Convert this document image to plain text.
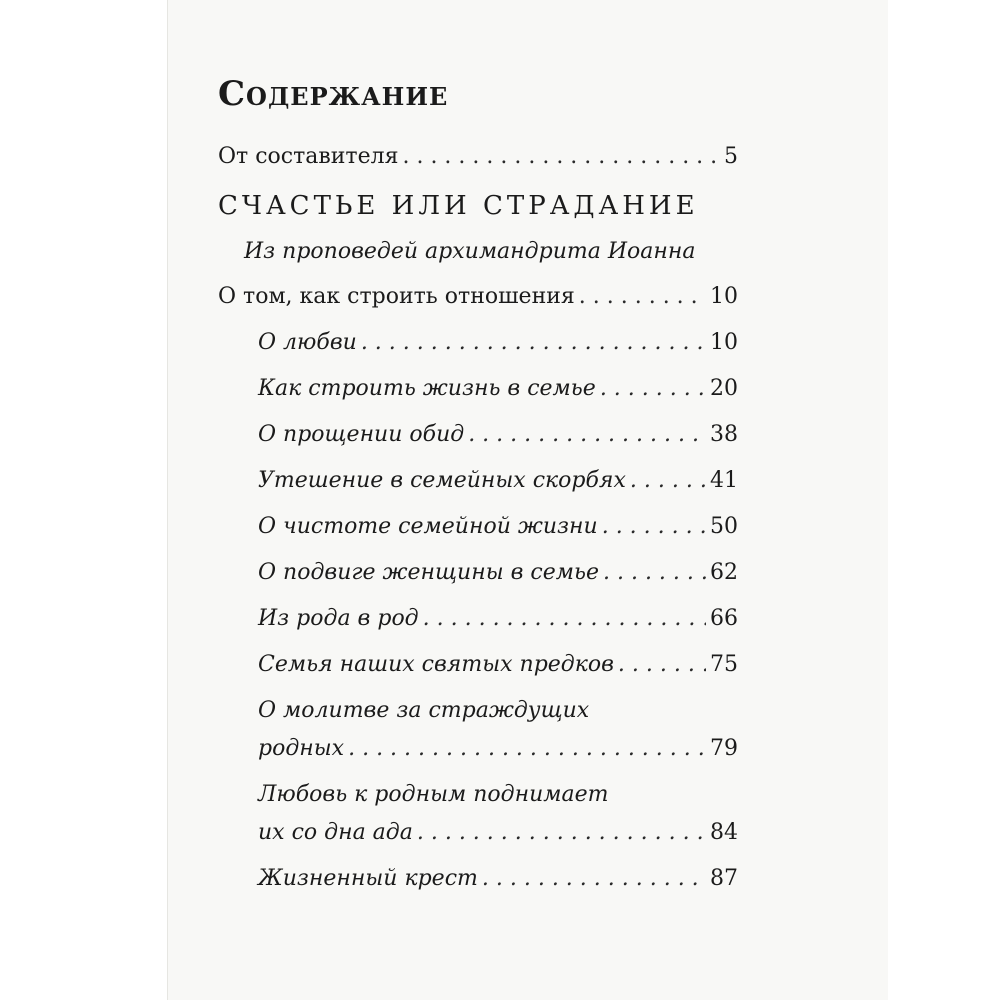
Содержание
От составителя . . .	5
СЧАСТЬЕ ИЛИ СТРАДАНИЕ
Из проповедей архимандрита Иоанна
О том, как строить отношения . . .	10
О любви . . .	10
Как строить жизнь в семье . . .	20
О прощении обид . . .	38
Утешение в семейных скорбях . . .	41
О чистоте семейной жизни . . .	50
О подвиге женщины в семье . . .	62
Из рода в род . . .	66
Семья наших святых предков . . .	75
О молитве за страждущих
родных . . .	79
Любовь к родным поднимает
их со дна ада . . .	84
Жизненный крест . . .	87
